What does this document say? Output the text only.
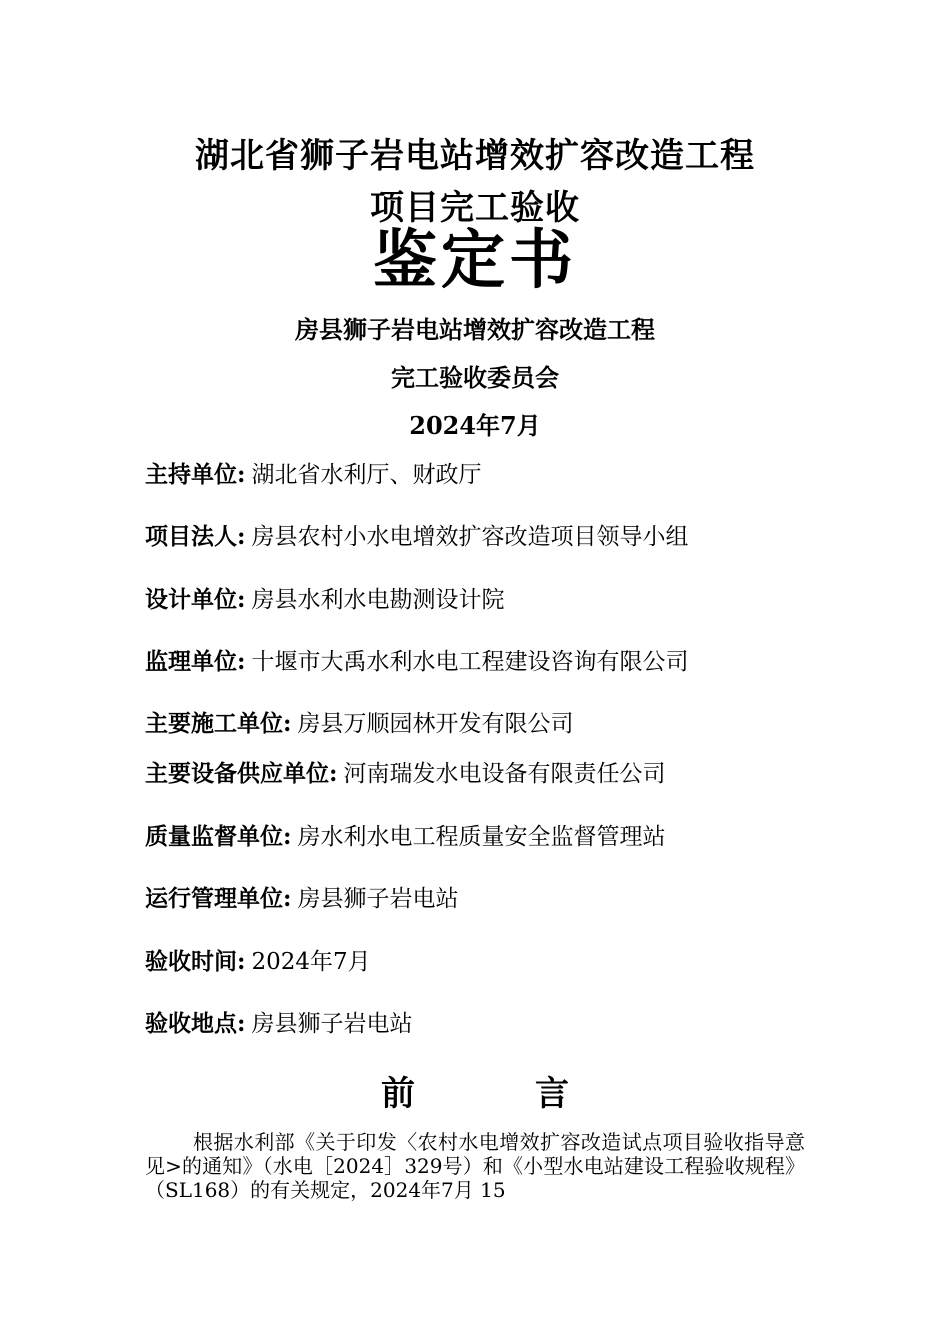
湖北省狮子岩电站增效扩容改造工程
项目完工验收
鉴定书
房县狮子岩电站增效扩容改造工程
完工验收委员会
2024年7月
主持单位: 湖北省水利厅、财政厅
项目法人: 房县农村小水电增效扩容改造项目领导小组
设计单位: 房县水利水电勘测设计院
监理单位: 十堰市大禹水利水电工程建设咨询有限公司
主要施工单位: 房县万顺园林开发有限公司
主要设备供应单位: 河南瑞发水电设备有限责任公司
质量监督单位: 房水利水电工程质量安全监督管理站
运行管理单位: 房县狮子岩电站
验收时间: 2024年7月
验收地点: 房县狮子岩电站
前言
根据水利部《关于印发〈农村水电增效扩容改造试点项目验收指导意见>的通知》（水电［2024］329号）和《小型水电站建设工程验收规程》（SL168）的有关规定，2024年7月 15
